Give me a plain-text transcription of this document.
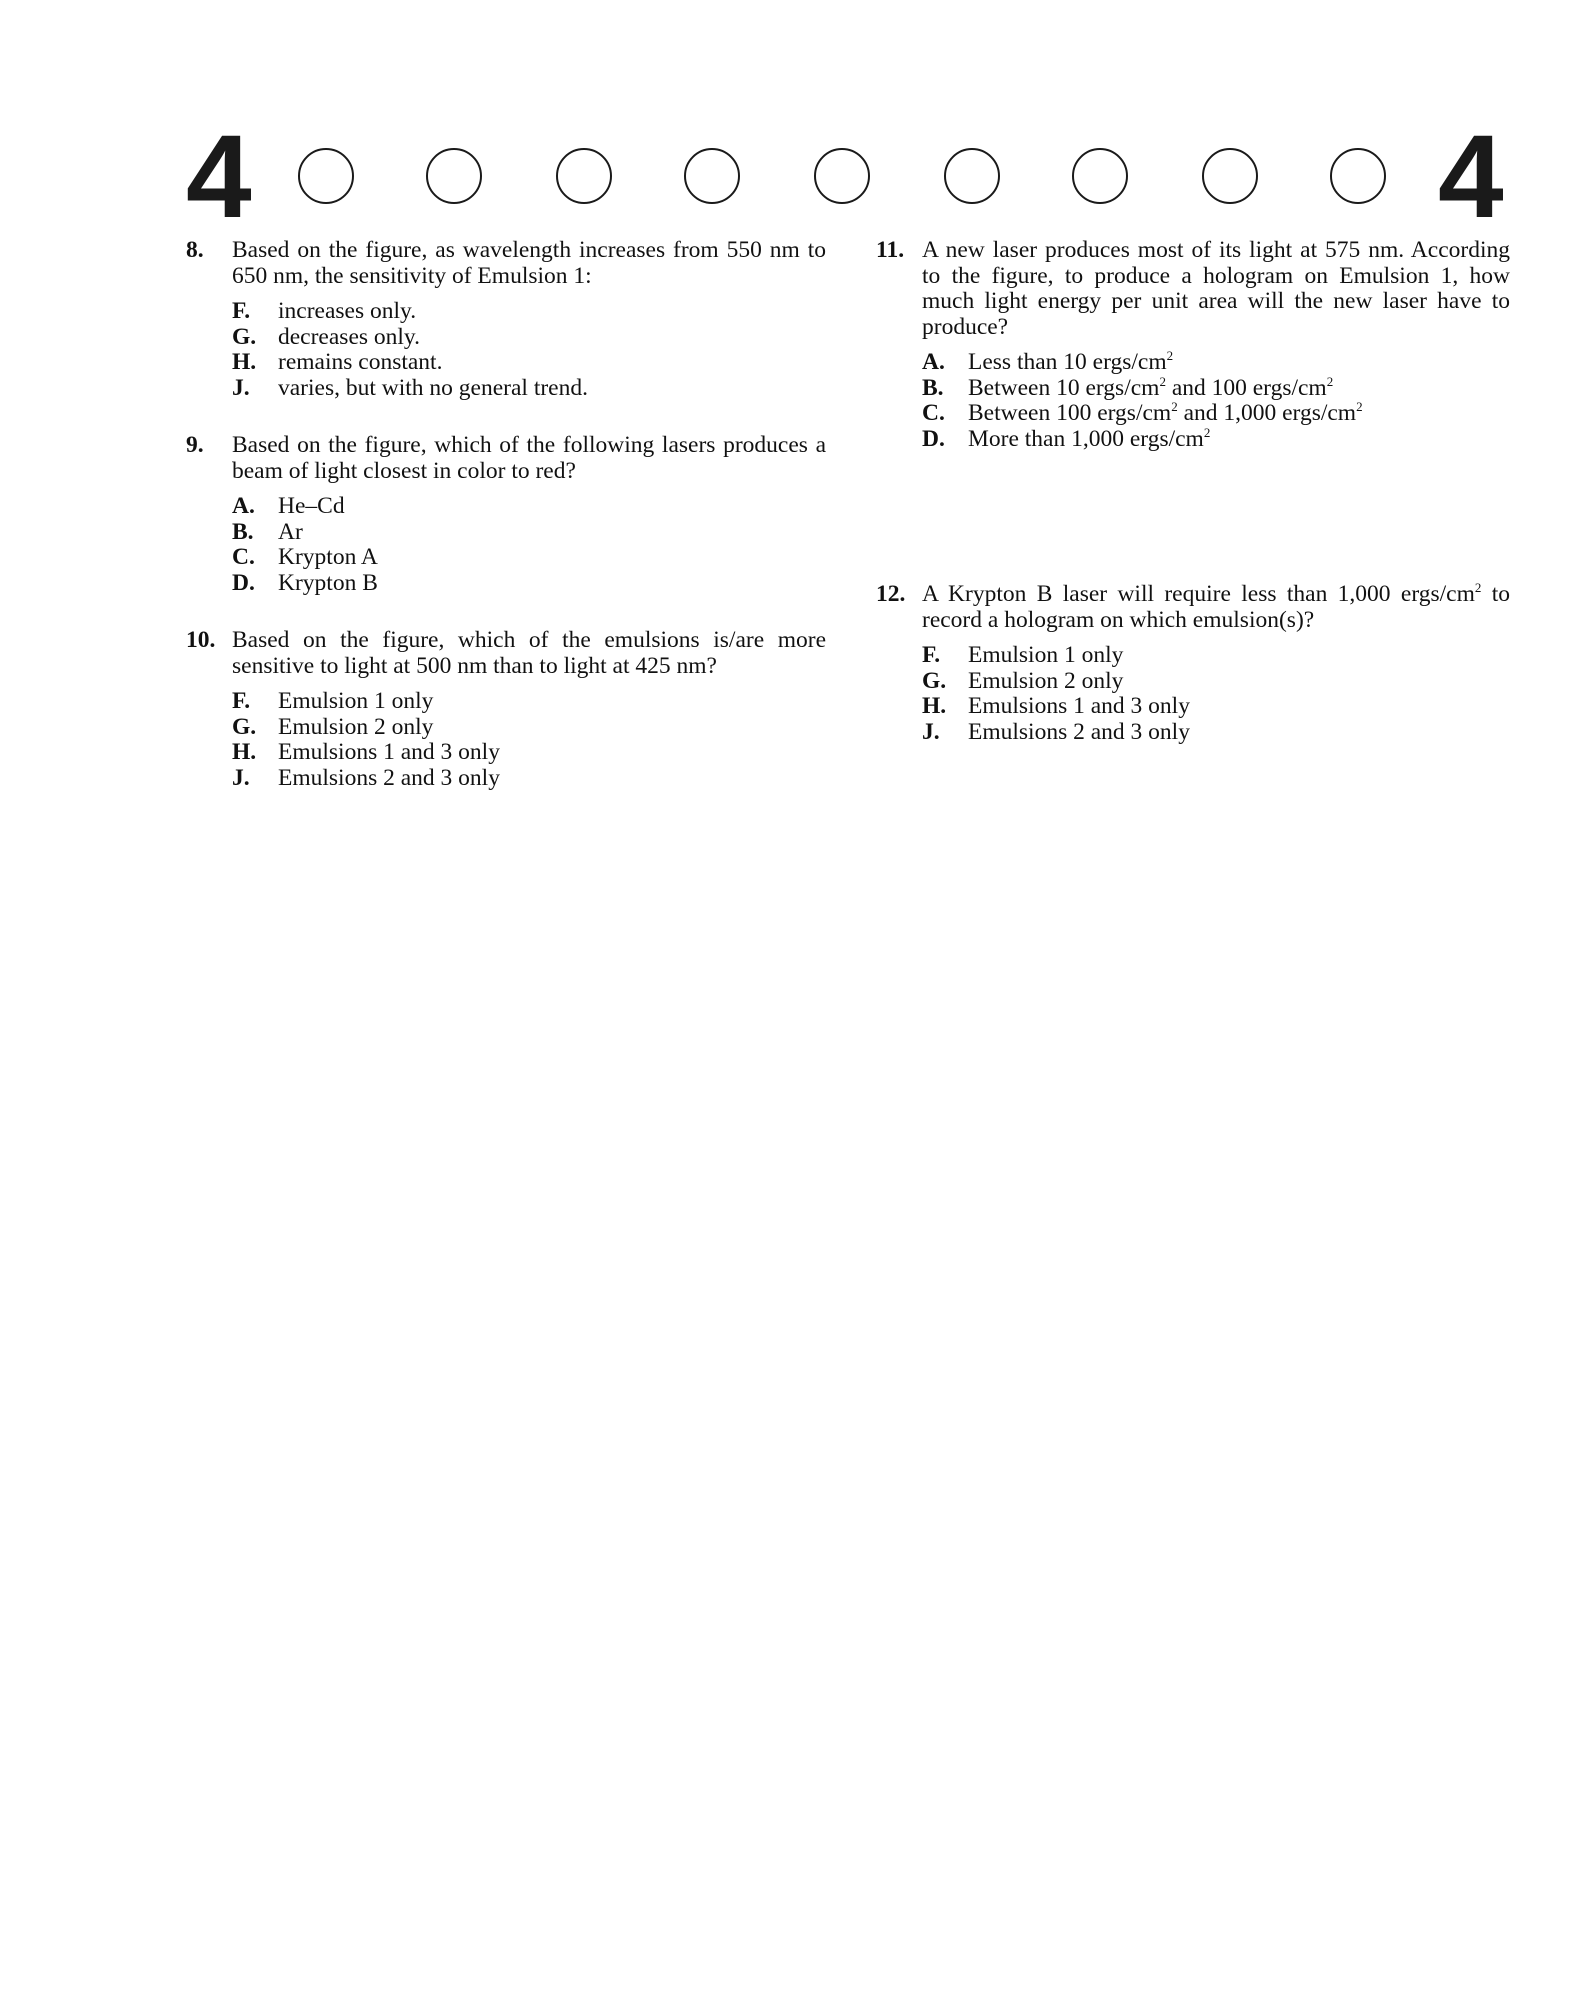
4	4
8.	Based on the figure, as wavelength increases from 550 nm to 650 nm, the sensitivity of Emulsion 1:
F.	increases only.
G. decreases only.
H. remains constant.
J.	varies, but with no general trend.
9.	Based on the figure, which of the following lasers produces a beam of light closest in color to red?
A. He–Cd
B.	Ar
C. Krypton A
D. Krypton B
10. Based on the figure, which of the emulsions is/are more sensitive to light at 500 nm than to light at 425 nm?
F.	Emulsion 1 only
G. Emulsion 2 only
H. Emulsions 1 and 3 only
J.	Emulsions 2 and 3 only
11. A new laser produces most of its light at 575 nm. According to the figure, to produce a hologram on Emulsion 1, how much light energy per unit area will the new laser have to produce?
A. Less than 10 ergs/$cm^2$
B.	Between 10 ergs/$cm^2$ and 100 ergs/$cm^2$
C. Between 100 ergs/$cm^2$ and 1,000 ergs/$cm^2$
D. More than 1,000 ergs/$cm^2$
12. A Krypton B laser will require less than 1,000 ergs/$cm^2$ to record a hologram on which emulsion(s)?
F.	Emulsion 1 only
G. Emulsion 2 only
H. Emulsions 1 and 3 only
J.	Emulsions 2 and 3 only
